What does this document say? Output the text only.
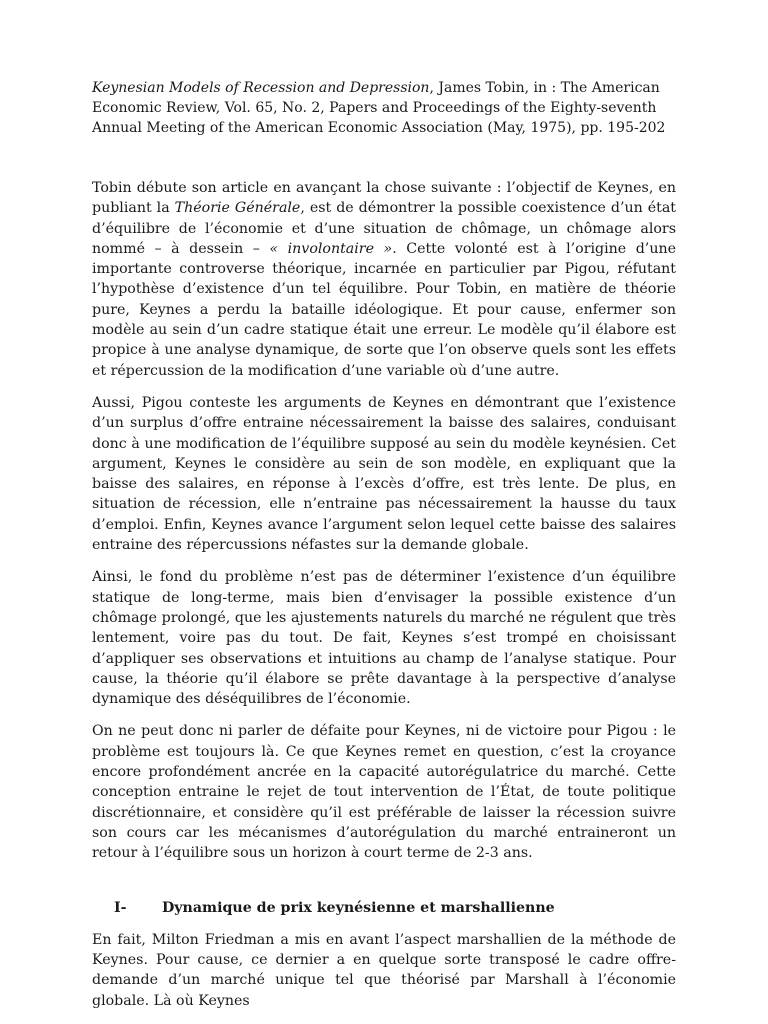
Keynesian Models of Recession and Depression, James Tobin, in : The American Economic Review, Vol. 65, No. 2, Papers and Proceedings of the Eighty-seventh Annual Meeting of the American Economic Association (May, 1975), pp. 195-202

Tobin débute son article en avançant la chose suivante : l’objectif de Keynes, en publiant la Théorie Générale, est de démontrer la possible coexistence d’un état d’équilibre de l’économie et d’une situation de chômage, un chômage alors nommé – à dessein – « involontaire ». Cette volonté est à l’origine d’une importante controverse théorique, incarnée en particulier par Pigou, réfutant l’hypothèse d’existence d’un tel équilibre. Pour Tobin, en matière de théorie pure, Keynes a perdu la bataille idéologique. Et pour cause, enfermer son modèle au sein d’un cadre statique était une erreur. Le modèle qu’il élabore est propice à une analyse dynamique, de sorte que l’on observe quels sont les effets et répercussion de la modification d’une variable où d’une autre.

Aussi, Pigou conteste les arguments de Keynes en démontrant que l’existence d’un surplus d’offre entraine nécessairement la baisse des salaires, conduisant donc à une modification de l’équilibre supposé au sein du modèle keynésien. Cet argument, Keynes le considère au sein de son modèle, en expliquant que la baisse des salaires, en réponse à l’excès d’offre, est très lente. De plus, en situation de récession, elle n’entraine pas nécessairement la hausse du taux d’emploi. Enfin, Keynes avance l’argument selon lequel cette baisse des salaires entraine des répercussions néfastes sur la demande globale.

Ainsi, le fond du problème n’est pas de déterminer l’existence d’un équilibre statique de long-terme, mais bien d’envisager la possible existence d’un chômage prolongé, que les ajustements naturels du marché ne régulent que très lentement, voire pas du tout. De fait, Keynes s’est trompé en choisissant d’appliquer ses observations et intuitions au champ de l’analyse statique. Pour cause, la théorie qu’il élabore se prête davantage à la perspective d’analyse dynamique des déséquilibres de l’économie.

On ne peut donc ni parler de défaite pour Keynes, ni de victoire pour Pigou : le problème est toujours là. Ce que Keynes remet en question, c’est la croyance encore profondément ancrée en la capacité autorégulatrice du marché. Cette conception entraine le rejet de tout intervention de l’État, de toute politique discrétionnaire, et considère qu’il est préférable de laisser la récession suivre son cours car les mécanismes d’autorégulation du marché entraineront un retour à l’équilibre sous un horizon à court terme de 2-3 ans.

I-	Dynamique de prix keynésienne et marshallienne

En fait, Milton Friedman a mis en avant l’aspect marshallien de la méthode de Keynes. Pour cause, ce dernier a en quelque sorte transposé le cadre offre-demande d’un marché unique tel que théorisé par Marshall à l’économie globale. Là où Keynes
